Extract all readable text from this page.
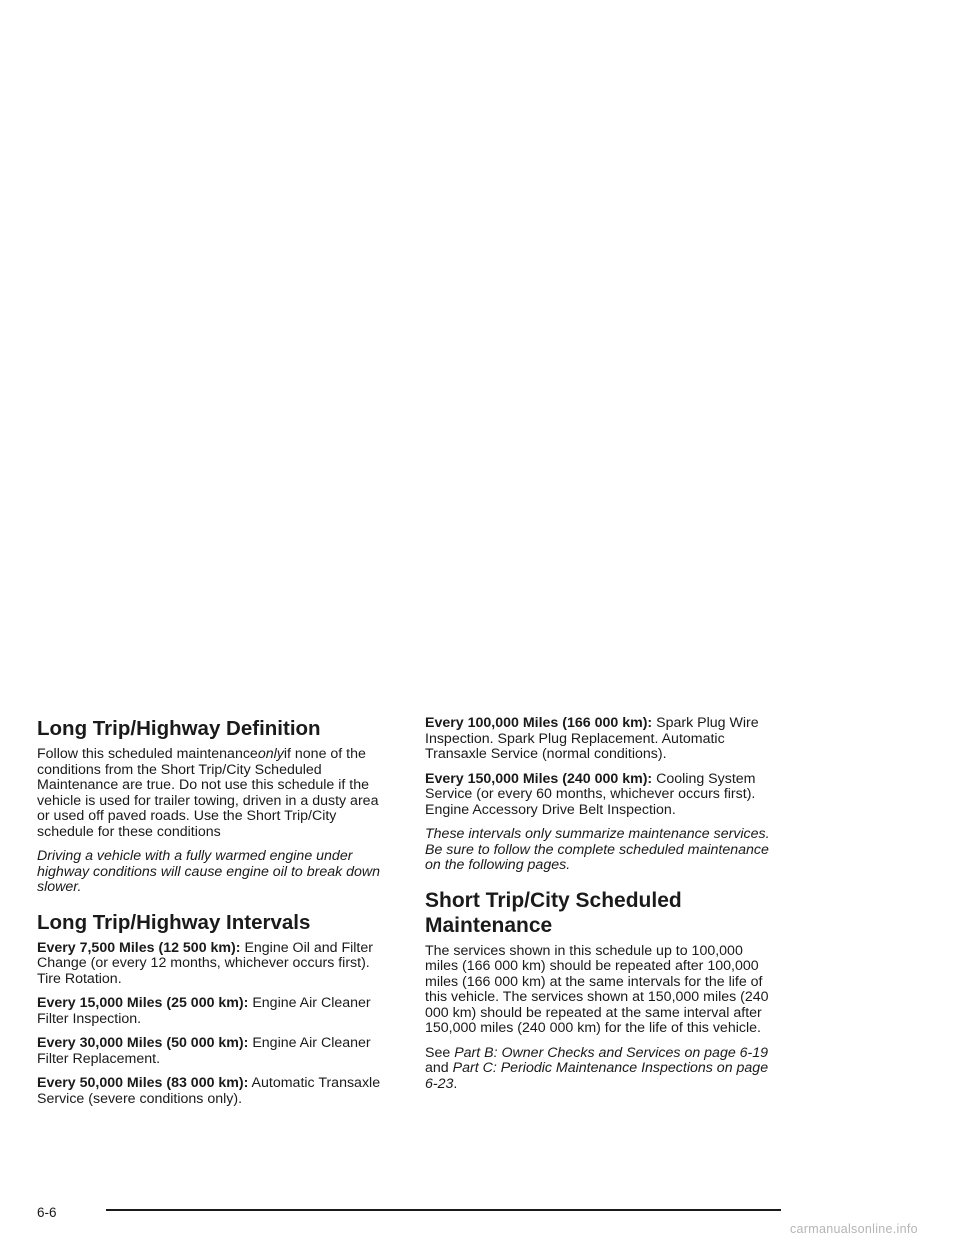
Long Trip/Highway Definition

Follow this scheduled maintenanceonlyif none of the conditions from the Short Trip/City Scheduled Maintenance are true. Do not use this schedule if the vehicle is used for trailer towing, driven in a dusty area or used off paved roads. Use the Short Trip/City schedule for these conditions

Driving a vehicle with a fully warmed engine under highway conditions will cause engine oil to break down slower.

Long Trip/Highway Intervals

Every 7,500 Miles (12 500 km): Engine Oil and Filter Change (or every 12 months, whichever occurs first). Tire Rotation.

Every 15,000 Miles (25 000 km): Engine Air Cleaner Filter Inspection.

Every 30,000 Miles (50 000 km): Engine Air Cleaner Filter Replacement.

Every 50,000 Miles (83 000 km): Automatic Transaxle Service (severe conditions only).

Every 100,000 Miles (166 000 km): Spark Plug Wire Inspection. Spark Plug Replacement. Automatic Transaxle Service (normal conditions).

Every 150,000 Miles (240 000 km): Cooling System Service (or every 60 months, whichever occurs first). Engine Accessory Drive Belt Inspection.

These intervals only summarize maintenance services. Be sure to follow the complete scheduled maintenance on the following pages.

Short Trip/City Scheduled
Maintenance

The services shown in this schedule up to 100,000 miles (166 000 km) should be repeated after 100,000 miles (166 000 km) at the same intervals for the life of this vehicle. The services shown at 150,000 miles (240 000 km) should be repeated at the same interval after 150,000 miles (240 000 km) for the life of this vehicle.

See Part B: Owner Checks and Services on page 6-19
and Part C: Periodic Maintenance Inspections on page 6-23.

6-6
carmanualsonline.info
